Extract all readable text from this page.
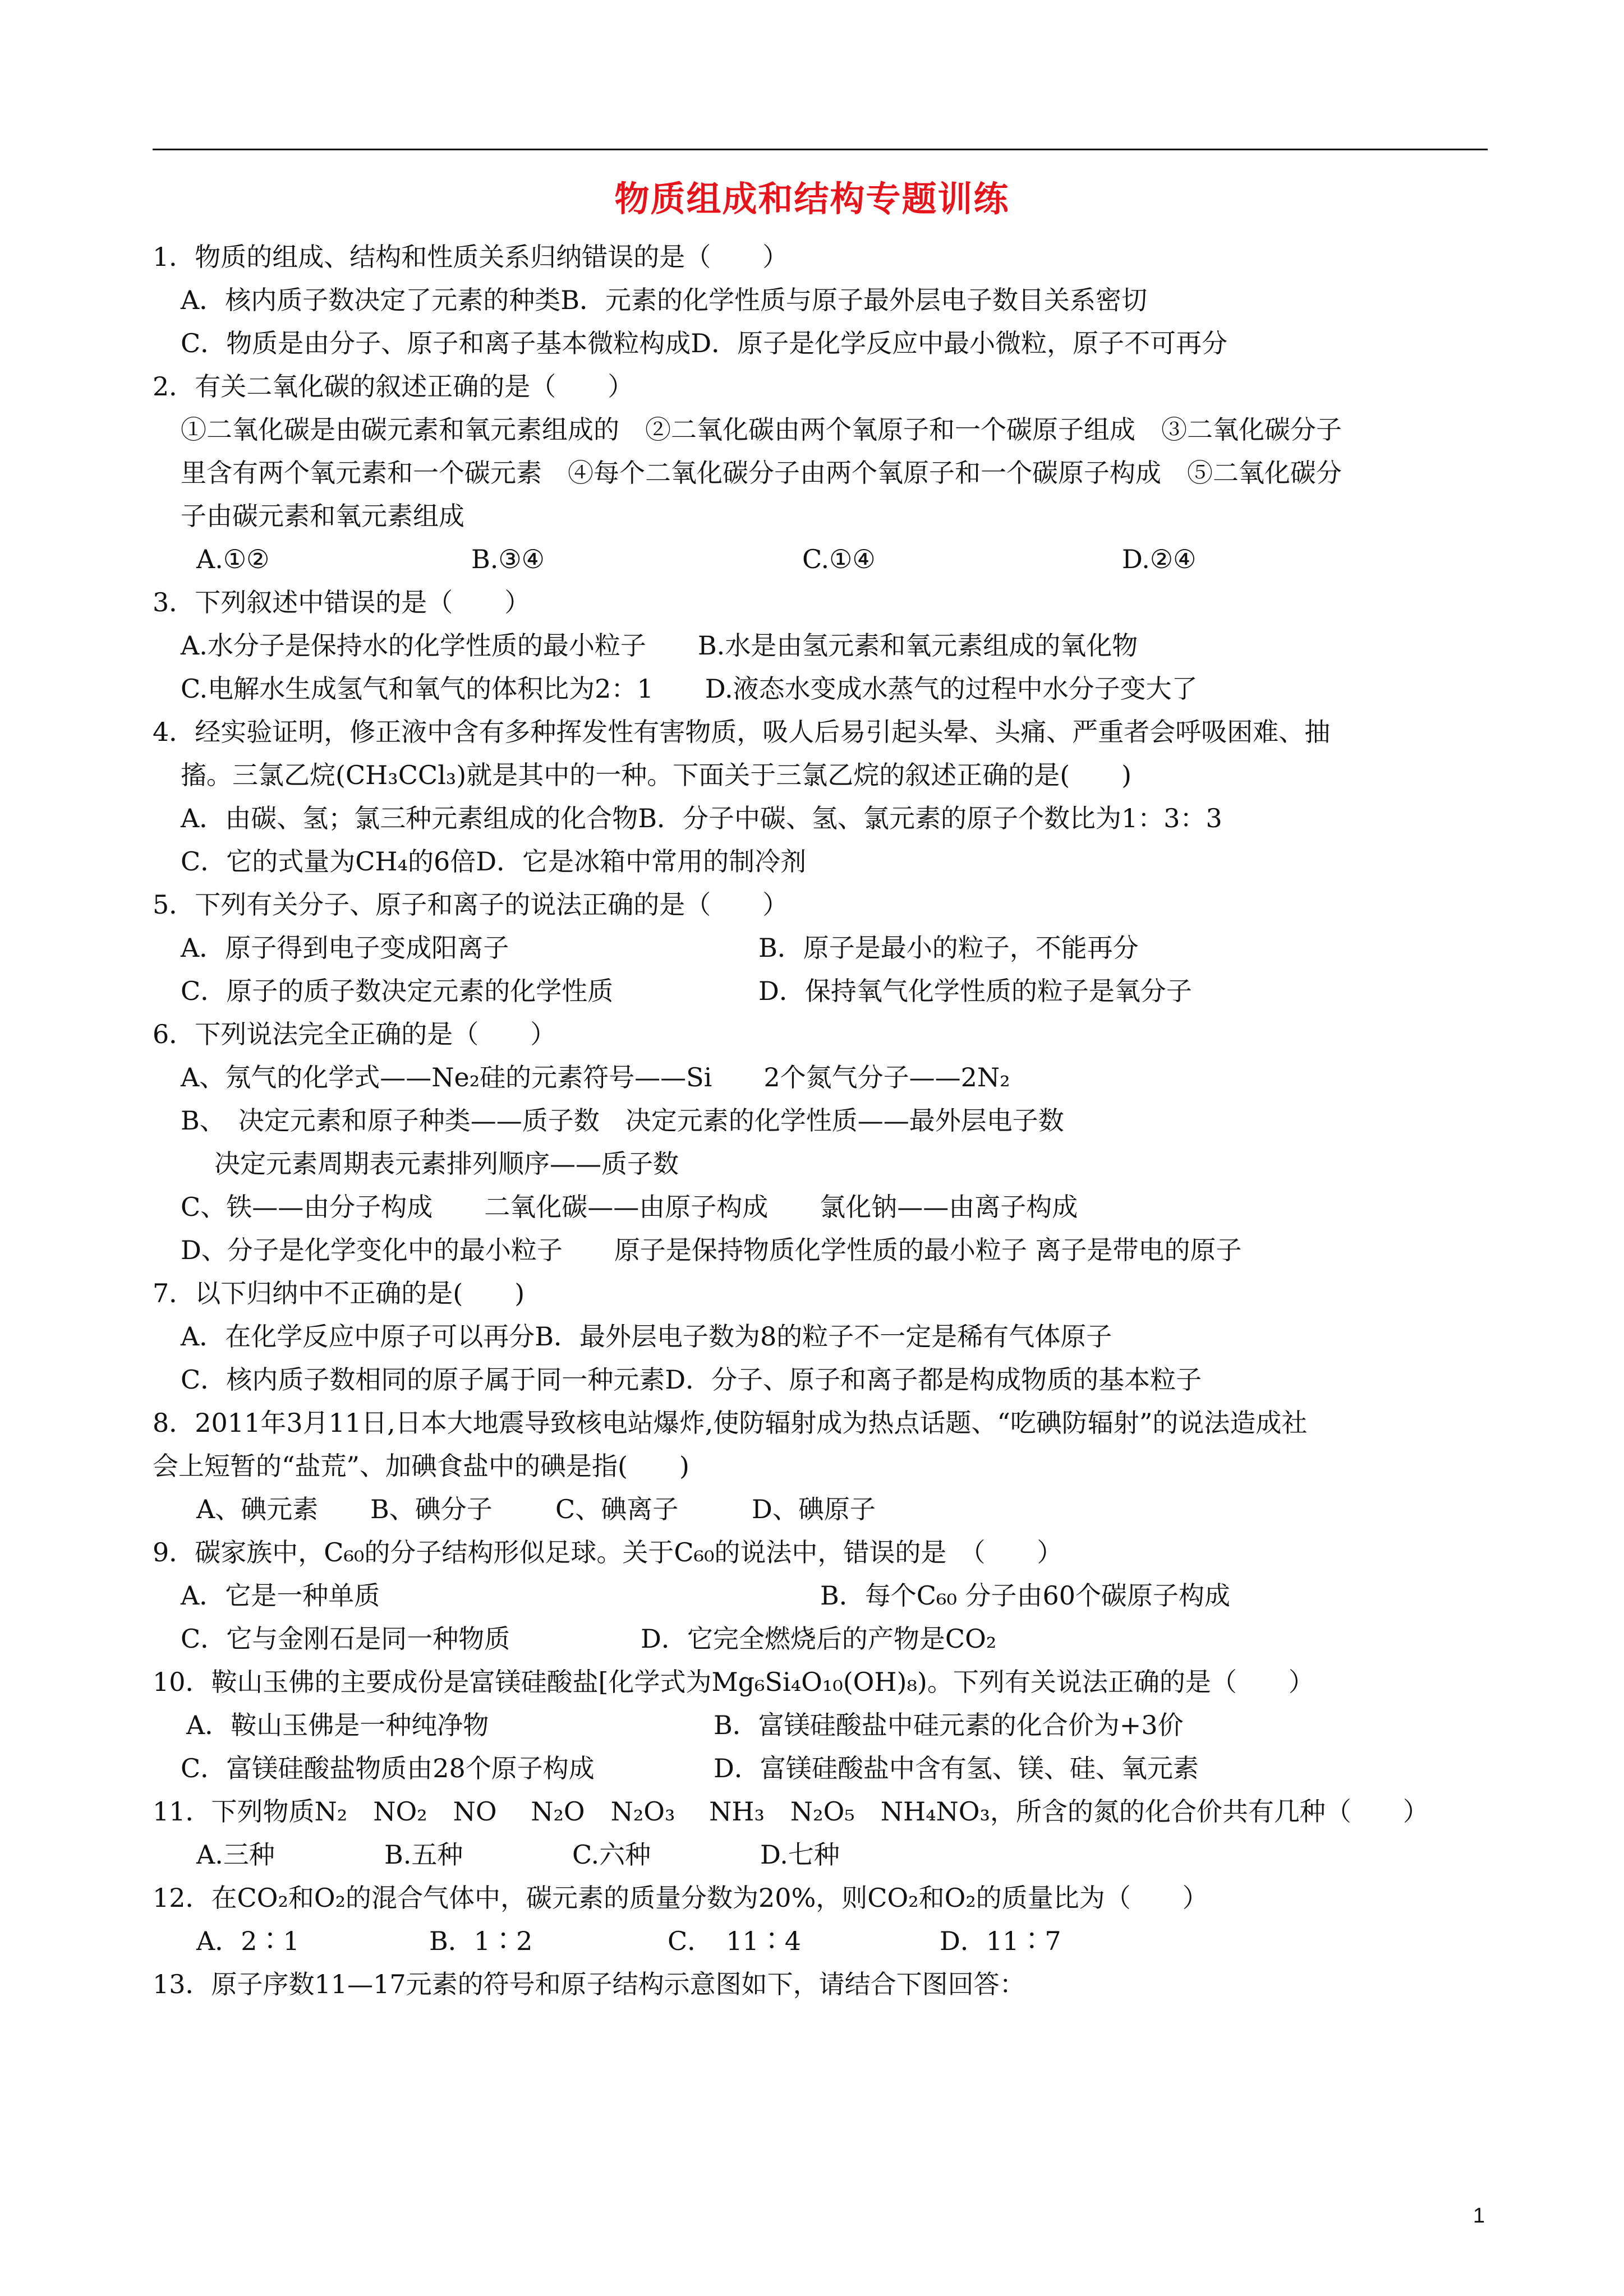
物质组成和结构专题训练
1．物质的组成、结构和性质关系归纳错误的是（　　）
A．核内质子数决定了元素的种类B．元素的化学性质与原子最外层电子数目关系密切
C．物质是由分子、原子和离子基本微粒构成D．原子是化学反应中最小微粒，原子不可再分
2．有关二氧化碳的叙述正确的是（　　）
①二氧化碳是由碳元素和氧元素组成的　②二氧化碳由两个氧原子和一个碳原子组成　③二氧化碳分子
里含有两个氧元素和一个碳元素　④每个二氧化碳分子由两个氧原子和一个碳原子构成　⑤二氧化碳分
子由碳元素和氧元素组成
A.①②	B.③④	C.①④	D.②④
3．下列叙述中错误的是（　　）
A.水分子是保持水的化学性质的最小粒子　　B.水是由氢元素和氧元素组成的氧化物
C.电解水生成氢气和氧气的体积比为2：1　　D.液态水变成水蒸气的过程中水分子变大了
4．经实验证明，修正液中含有多种挥发性有害物质，吸人后易引起头晕、头痛、严重者会呼吸困难、抽
搐。三氯乙烷(CH₃CCl₃)就是其中的一种。下面关于三氯乙烷的叙述正确的是(　　)
A．由碳、氢；氯三种元素组成的化合物B．分子中碳、氢、氯元素的原子个数比为1：3：3
C．它的式量为CH₄的6倍D．它是冰箱中常用的制冷剂
5．下列有关分子、原子和离子的说法正确的是（　　）
A．原子得到电子变成阳离子	B．原子是最小的粒子，不能再分
C．原子的质子数决定元素的化学性质	D．保持氧气化学性质的粒子是氧分子
6．下列说法完全正确的是（　　）
A、氖气的化学式——Ne₂硅的元素符号——Si　　2个氮气分子——2N₂
B、　决定元素和原子种类——质子数　决定元素的化学性质——最外层电子数
决定元素周期表元素排列顺序——质子数
C、铁——由分子构成　　二氧化碳——由原子构成　　氯化钠——由离子构成
D、分子是化学变化中的最小粒子　　原子是保持物质化学性质的最小粒子 离子是带电的原子
7．以下归纳中不正确的是(　　)
A．在化学反应中原子可以再分B．最外层电子数为8的粒子不一定是稀有气体原子
C．核内质子数相同的原子属于同一种元素D．分子、原子和离子都是构成物质的基本粒子
8．2011年3月11日,日本大地震导致核电站爆炸,使防辐射成为热点话题、“吃碘防辐射”的说法造成社
会上短暂的“盐荒”、加碘食盐中的碘是指(　　)
A、碘元素	B、碘分子	C、碘离子	D、碘原子
9．碳家族中，C₆₀的分子结构形似足球。关于C₆₀的说法中，错误的是　（　　）
A．它是一种单质	B．每个C₆₀ 分子由60个碳原子构成
C．它与金刚石是同一种物质	D．它完全燃烧后的产物是CO₂
10．鞍山玉佛的主要成份是富镁硅酸盐[化学式为Mg₆Si₄O₁₀(OH)₈)。下列有关说法正确的是（　　）
A．鞍山玉佛是一种纯净物	B．富镁硅酸盐中硅元素的化合价为+3价
C．富镁硅酸盐物质由28个原子构成	D．富镁硅酸盐中含有氢、镁、硅、氧元素
11．下列物质N₂　NO₂　NO　 N₂O　N₂O₃　 NH₃　N₂O₅　NH₄NO₃，所含的氮的化合价共有几种（　　）
A.三种	B.五种	C.六种	D.七种
12．在CO₂和O₂的混合气体中，碳元素的质量分数为20%，则CO₂和O₂的质量比为（　　）
A．2∶1	B．1∶2	C．　11∶4	D．11∶7
13．原子序数11—17元素的符号和原子结构示意图如下，请结合下图回答：
1
